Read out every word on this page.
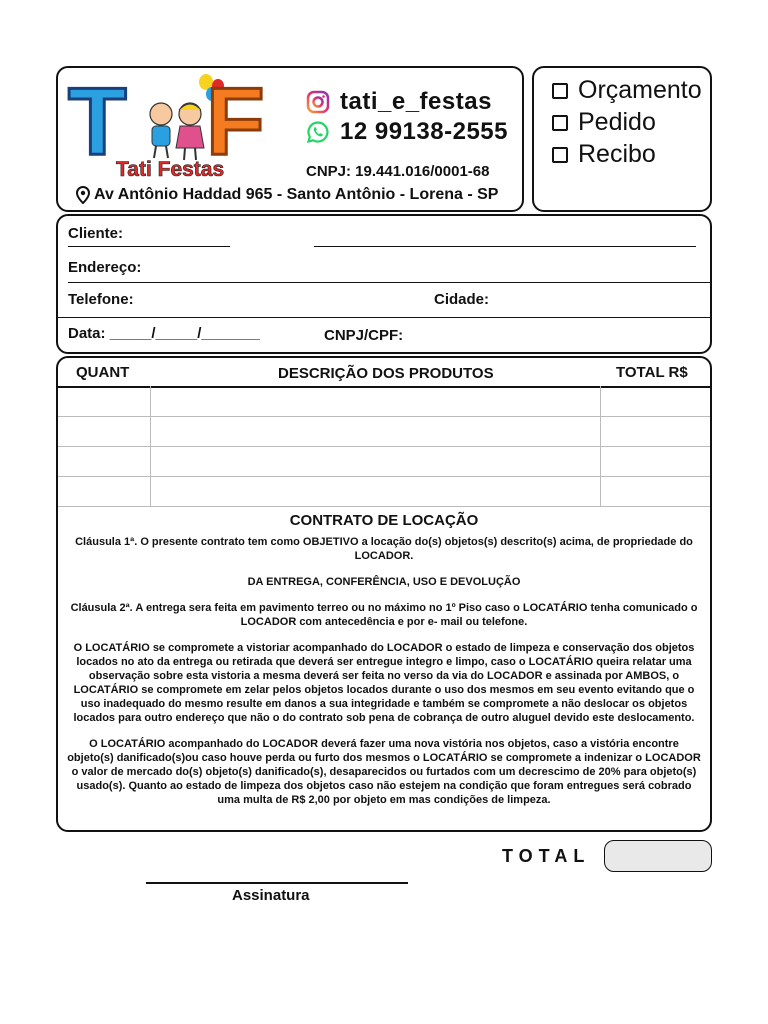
T F
Tati Festas
tati_e_festas
12 99138-2555
CNPJ: 19.441.016/0001-68
Av Antônio Haddad 965 - Santo Antônio - Lorena - SP
Orçamento
Pedido
Recibo
Cliente:
Endereço:
Telefone:	Cidade:
Data: _____/_____/_______	CNPJ/CPF:
QUANT	DESCRIÇÃO DOS PRODUTOS	TOTAL R$
CONTRATO DE LOCAÇÃO

Cláusula 1ª. O presente contrato tem como OBJETIVO a locação do(s) objetos(s) descrito(s) acima, de propriedade do LOCADOR.

DA ENTREGA, CONFERÊNCIA, USO E DEVOLUÇÃO

Cláusula 2ª. A entrega sera feita em pavimento terreo ou no máximo no 1º Piso caso o LOCATÁRIO tenha comunicado o LOCADOR com antecedência e por e- mail ou telefone.

O LOCATÁRIO se compromete a vistoriar acompanhado do LOCADOR o estado de limpeza e conservação dos objetos locados no ato da entrega ou retirada que deverá ser entregue integro e limpo, caso o LOCATÁRIO queira relatar uma observação sobre esta vistoria a mesma deverá ser feita no verso da via do LOCADOR e assinada por AMBOS, o LOCATÁRIO se compromete em zelar pelos objetos locados durante o uso dos mesmos em seu evento evitando que o uso inadequado do mesmo resulte em danos a sua integridade e também se compromete a não deslocar os objetos locados para outro endereço que não o do contrato sob pena de cobrança de outro aluguel devido este deslocamento.

O LOCATÁRIO acompanhado do LOCADOR deverá fazer uma nova vistória nos objetos, caso a vistória encontre objeto(s) danificado(s)ou caso houve perda ou furto dos mesmos o LOCATÁRIO se compromete a indenizar o LOCADOR o valor de mercado do(s) objeto(s) danificado(s), desaparecidos ou furtados com um decrescimo de 20% para objeto(s) usado(s). Quanto ao estado de limpeza dos objetos caso não estejem na condição que foram entregues será cobrado uma multa de R$ 2,00 por objeto em mas condições de limpeza.

TOTAL
Assinatura
